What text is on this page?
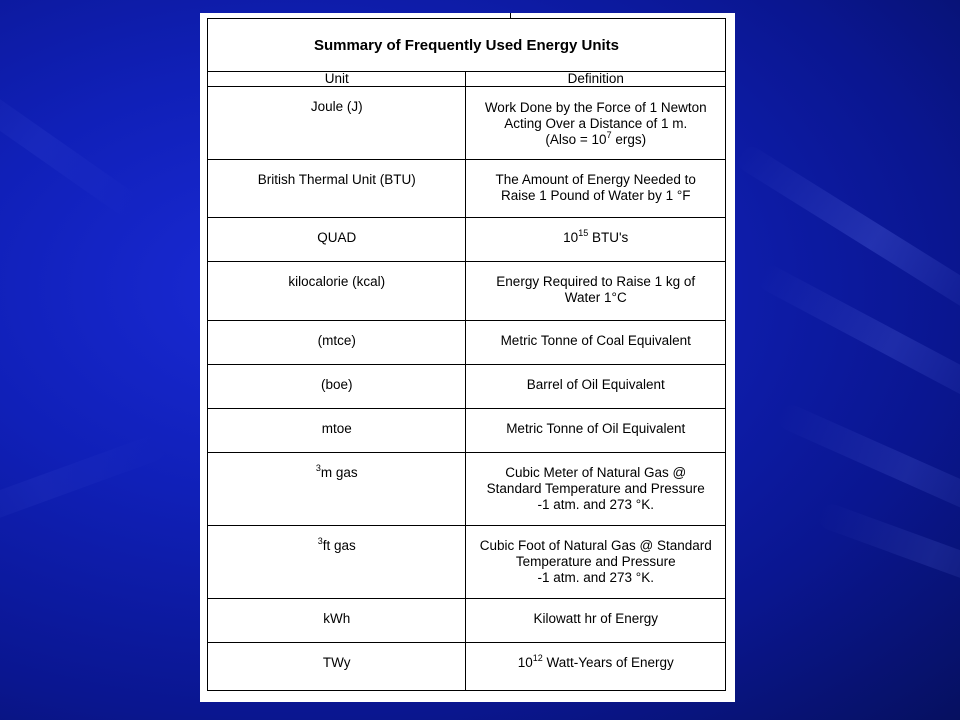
Summary of Frequently Used Energy Units	
Unit	Definition
Joule (J)	Work Done by the Force of 1 Newton
Acting Over a Distance of 1 m.
(Also = $10^7$ ergs)

British Thermal Unit (BTU)	The Amount of Energy Needed to
Raise 1 Pound of Water by 1 °F

QUAD	$10^{15}$ BTU's

kilocalorie (kcal)	Energy Required to Raise 1 kg of
Water 1°C

(mtce)	Metric Tonne of Coal Equivalent

(boe)	Barrel of Oil Equivalent

mtoe	Metric Tonne of Oil Equivalent

$^3$m gas	Cubic Meter of Natural Gas @
Standard Temperature and Pressure
-1 atm. and 273 °K.

$^3$ft gas	Cubic Foot of Natural Gas @ Standard
Temperature and Pressure
-1 atm. and 273 °K.

kWh	Kilowatt hr of Energy

TWy	$10^{12}$ Watt-Years of Energy
